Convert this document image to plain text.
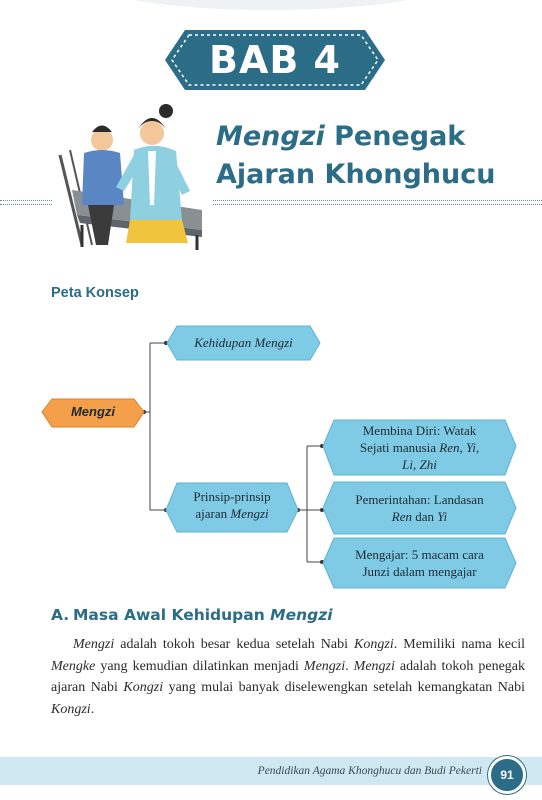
BAB 4
Mengzi Penegak
Ajaran Khonghucu
Peta Konsep
Mengzi
Kehidupan Mengzi
Prinsip-prinsip
ajaran Mengzi
Membina Diri: Watak
Sejati manusia Ren, Yi,
Li, Zhi
Pemerintahan: Landasan
Ren dan Yi
Mengajar: 5 macam cara
Junzi dalam mengajar
A. Masa Awal Kehidupan Mengzi
Mengzi adalah tokoh besar kedua setelah Nabi Kongzi. Memiliki nama kecil Mengke yang kemudian dilatinkan menjadi Mengzi. Mengzi adalah tokoh penegak ajaran Nabi Kongzi yang mulai banyak diselewengkan setelah kemangkatan Nabi Kongzi.
Pendidikan Agama Khonghucu dan Budi Pekerti	91
